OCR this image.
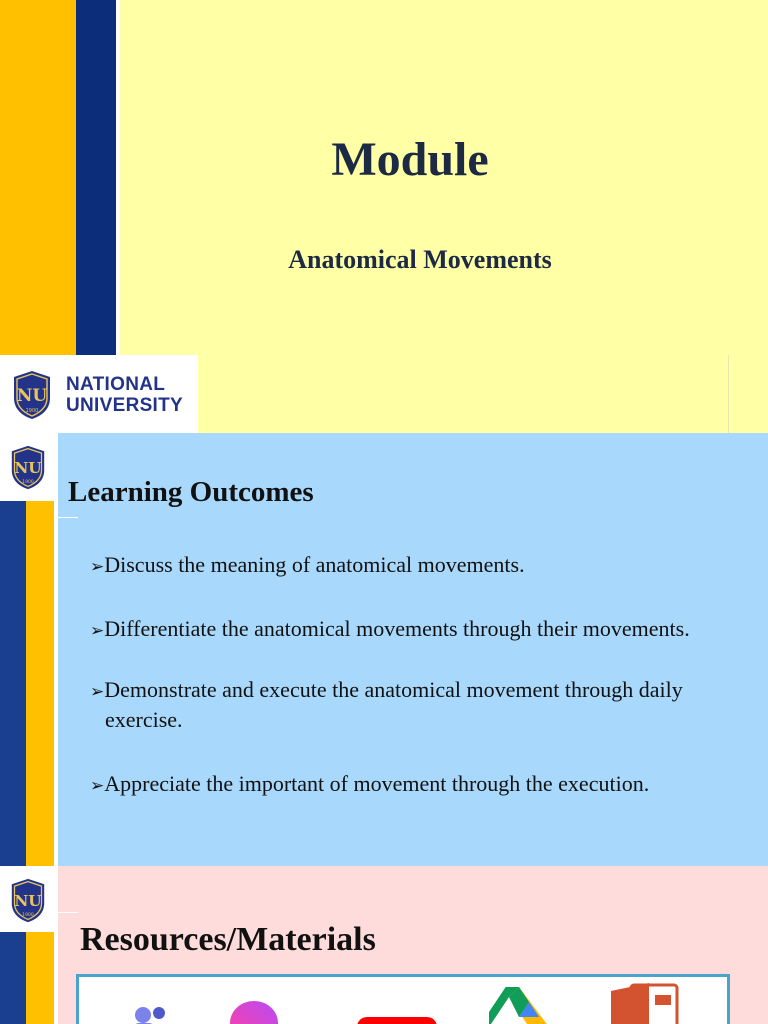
Module
Anatomical Movements
NU
1900
NATIONAL
UNIVERSITY
NU
1900 Learning Outcomes
➢Discuss the meaning of anatomical movements.
➢Differentiate the anatomical movements through their movements.
➢Demonstrate and execute the anatomical movement through daily exercise.
➢Appreciate the important of movement through the execution.
NU
1900
Resources/Materials
